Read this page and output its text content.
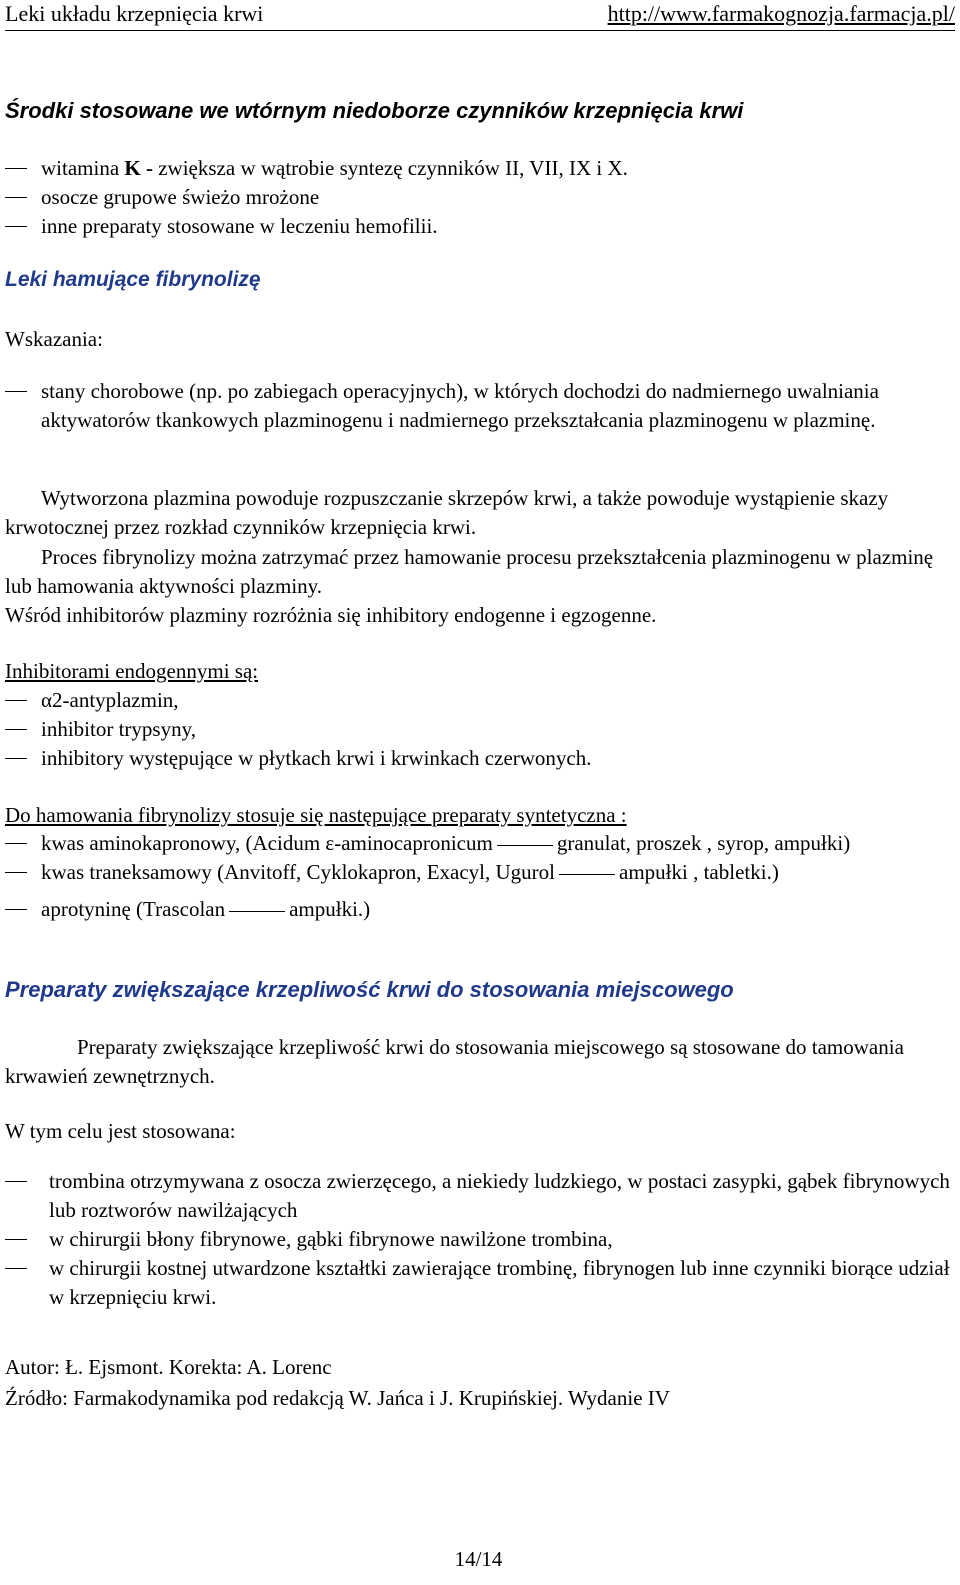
Leki układu krzepnięcia krwi	http://www.farmakognozja.farmacja.pl/
Środki stosowane we wtórnym niedoborze czynników krzepnięcia krwi
witamina K - zwiększa w wątrobie syntezę czynników II, VII, IX i X.
osocze grupowe świeżo mrożone
inne preparaty stosowane w leczeniu hemofilii.
Leki hamujące fibrynolizę
Wskazania:
stany chorobowe (np. po zabiegach operacyjnych), w których dochodzi do nadmiernego uwalniania aktywatorów tkankowych plazminogenu i nadmiernego przekształcania plazminogenu w plazminę.

Wytworzona plazmina powoduje rozpuszczanie skrzepów krwi, a także powoduje wystąpienie skazy krwotocznej przez rozkład czynników krzepnięcia krwi.

Proces fibrynolizy można zatrzymać przez hamowanie procesu przekształcenia plazminogenu w plazminę lub hamowania aktywności plazminy.

Wśród inhibitorów plazminy rozróżnia się inhibitory endogenne i egzogenne.

Inhibitorami endogennymi są:
α2-antyplazmin,
inhibitor trypsyny,
inhibitory występujące w płytkach krwi i krwinkach czerwonych.
Do hamowania fibrynolizy stosuje się następujące preparaty syntetyczna :
kwas aminokapronowy, (Acidum ε-aminocapronicum	granulat, proszek , syrop, ampułki)
kwas traneksamowy (Anvitoff, Cyklokapron, Exacyl, Ugurol	ampułki , tabletki.)
aprotyninę (Trascolan	ampułki.)
Preparaty zwiększające krzepliwość krwi do stosowania miejscowego

Preparaty zwiększające krzepliwość krwi do stosowania miejscowego są stosowane do tamowania krwawień zewnętrznych.

W tym celu jest stosowana:
trombina otrzymywana z osocza zwierzęcego, a niekiedy ludzkiego, w postaci zasypki, gąbek fibrynowych lub roztworów nawilżających
w chirurgii błony fibrynowe, gąbki fibrynowe nawilżone trombina,
w chirurgii kostnej utwardzone kształtki zawierające trombinę, fibrynogen lub inne czynniki biorące udział w krzepnięciu krwi.
Autor: Ł. Ejsmont. Korekta: A. Lorenc
Źródło: Farmakodynamika pod redakcją W. Jańca i J. Krupińskiej. Wydanie IV
14/14
